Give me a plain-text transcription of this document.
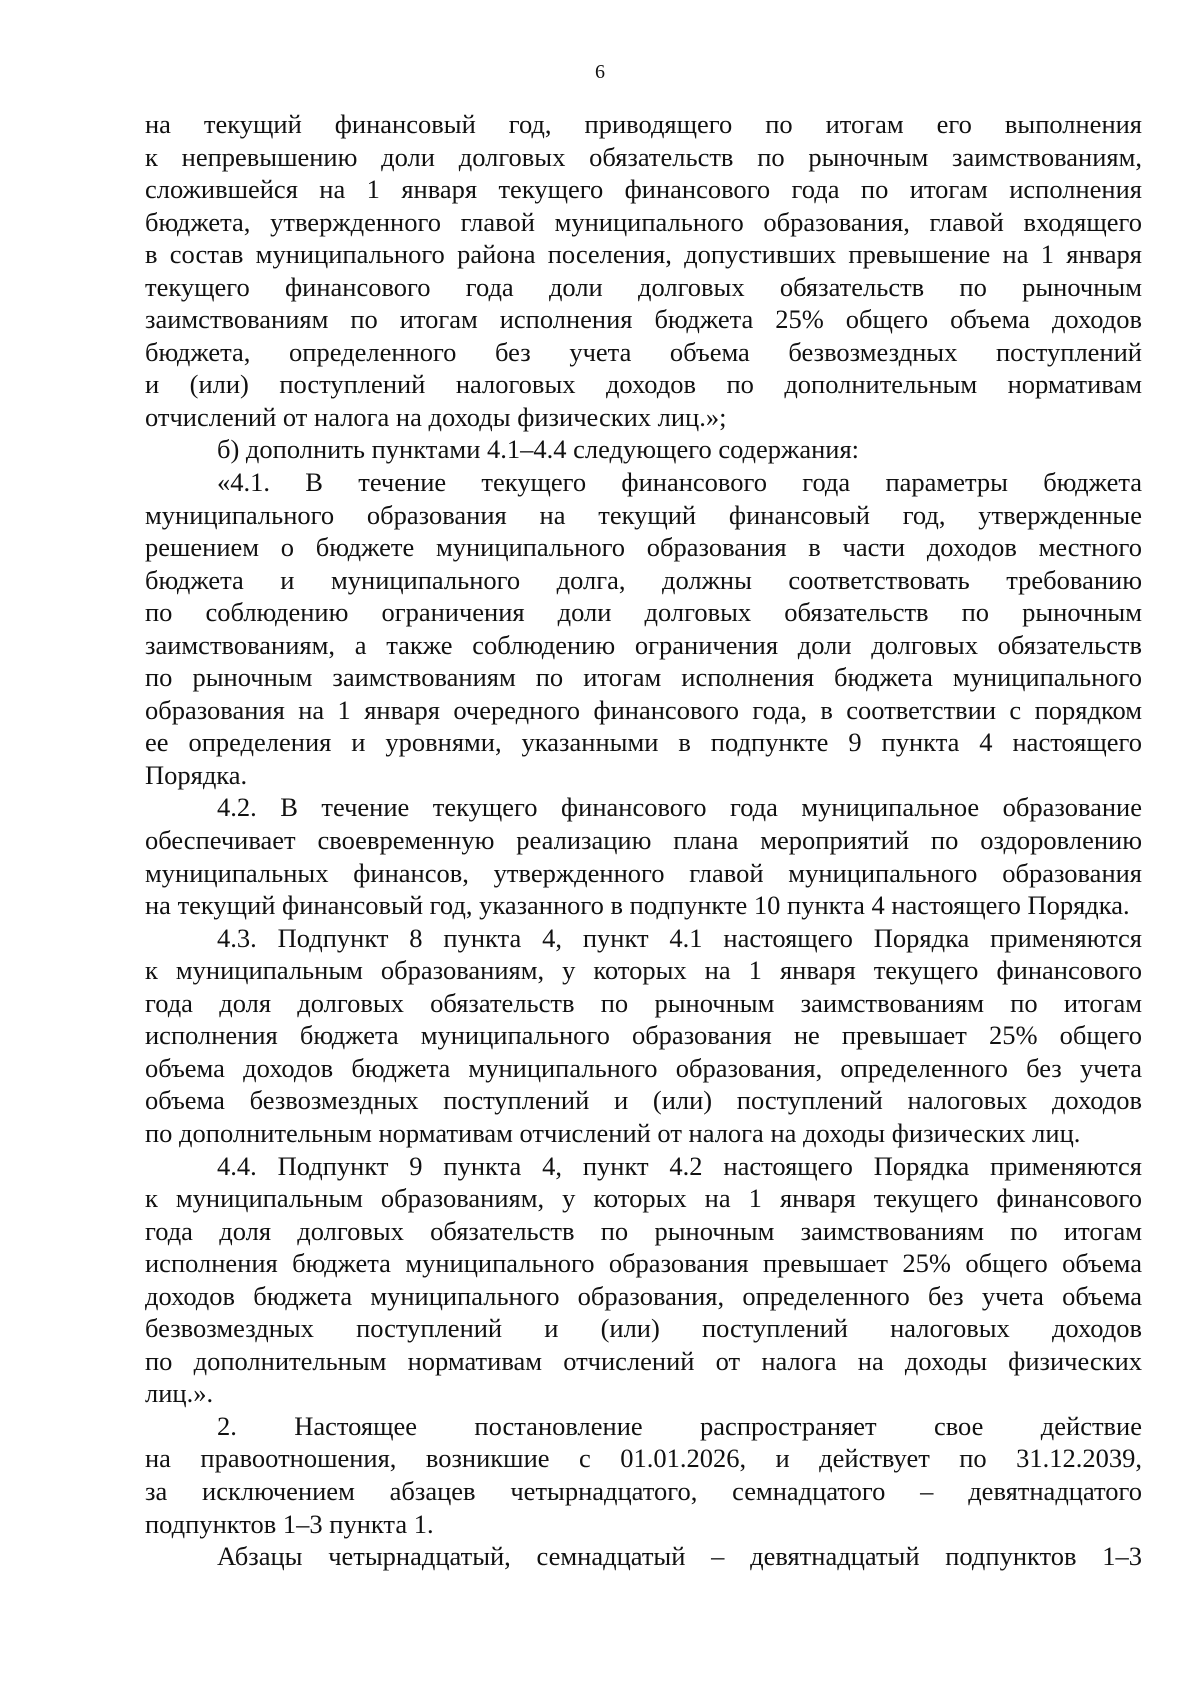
6
на текущий финансовый год, приводящего по итогам его выполнения
к непревышению доли долговых обязательств по рыночным заимствованиям,
сложившейся на 1 января текущего финансового года по итогам исполнения
бюджета, утвержденного главой муниципального образования, главой входящего
в состав муниципального района поселения, допустивших превышение на 1 января
текущего финансового года доли долговых обязательств по рыночным
заимствованиям по итогам исполнения бюджета 25% общего объема доходов
бюджета, определенного без учета объема безвозмездных поступлений
и (или) поступлений налоговых доходов по дополнительным нормативам
отчислений от налога на доходы физических лиц.»;
б) дополнить пунктами 4.1–4.4 следующего содержания:
«4.1. В течение текущего финансового года параметры бюджета
муниципального образования на текущий финансовый год, утвержденные
решением о бюджете муниципального образования в части доходов местного
бюджета и муниципального долга, должны соответствовать требованию
по соблюдению ограничения доли долговых обязательств по рыночным
заимствованиям, а также соблюдению ограничения доли долговых обязательств
по рыночным заимствованиям по итогам исполнения бюджета муниципального
образования на 1 января очередного финансового года, в соответствии с порядком
ее определения и уровнями, указанными в подпункте 9 пункта 4 настоящего
Порядка.
4.2. В течение текущего финансового года муниципальное образование
обеспечивает своевременную реализацию плана мероприятий по оздоровлению
муниципальных финансов, утвержденного главой муниципального образования
на текущий финансовый год, указанного в подпункте 10 пункта 4 настоящего Порядка.
4.3. Подпункт 8 пункта 4, пункт 4.1 настоящего Порядка применяются
к муниципальным образованиям, у которых на 1 января текущего финансового
года доля долговых обязательств по рыночным заимствованиям по итогам
исполнения бюджета муниципального образования не превышает 25% общего
объема доходов бюджета муниципального образования, определенного без учета
объема безвозмездных поступлений и (или) поступлений налоговых доходов
по дополнительным нормативам отчислений от налога на доходы физических лиц.
4.4. Подпункт 9 пункта 4, пункт 4.2 настоящего Порядка применяются
к муниципальным образованиям, у которых на 1 января текущего финансового
года доля долговых обязательств по рыночным заимствованиям по итогам
исполнения бюджета муниципального образования превышает 25% общего объема
доходов бюджета муниципального образования, определенного без учета объема
безвозмездных поступлений и (или) поступлений налоговых доходов
по дополнительным нормативам отчислений от налога на доходы физических
лиц.».
2. Настоящее постановление распространяет свое действие
на правоотношения, возникшие с 01.01.2026, и действует по 31.12.2039,
за исключением абзацев четырнадцатого, семнадцатого – девятнадцатого
подпунктов 1–3 пункта 1.
Абзацы четырнадцатый, семнадцатый – девятнадцатый подпунктов 1–3
